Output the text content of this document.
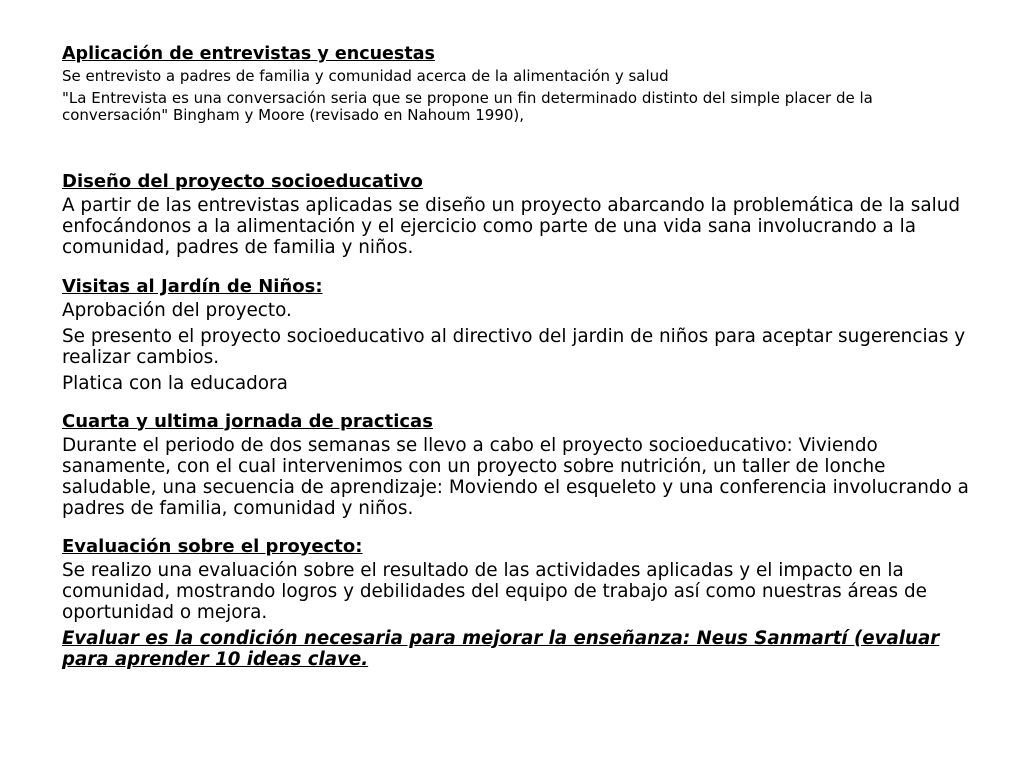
Aplicación de entrevistas y encuestas

Se entrevisto a padres de familia y comunidad acerca de la alimentación y salud

"La Entrevista es una conversación seria que se propone un fin determinado distinto del simple placer de la conversación" Bingham y Moore (revisado en Nahoum 1990),

Diseño del proyecto socioeducativo

A partir de las entrevistas aplicadas se diseño un proyecto abarcando la problemática de la salud enfocándonos a la alimentación y el ejercicio como parte de una vida sana involucrando a la comunidad, padres de familia y niños.

Visitas al Jardín de Niños:

Aprobación del proyecto.

Se presento el proyecto socioeducativo al directivo del jardin de niños para aceptar sugerencias y realizar cambios.

Platica con la educadora

Cuarta y ultima jornada de practicas

Durante el periodo de dos semanas se llevo a cabo el proyecto socioeducativo: Viviendo sanamente, con el cual intervenimos con un proyecto sobre nutrición, un taller de lonche saludable, una secuencia de aprendizaje: Moviendo el esqueleto y una conferencia involucrando a padres de familia, comunidad y niños.

Evaluación sobre el proyecto:

Se realizo una evaluación sobre el resultado de las actividades aplicadas y el impacto en la comunidad, mostrando logros y debilidades del equipo de trabajo así como nuestras áreas de oportunidad o mejora.

Evaluar es la condición necesaria para mejorar la enseñanza: Neus Sanmartí (evaluar para aprender 10 ideas clave.
